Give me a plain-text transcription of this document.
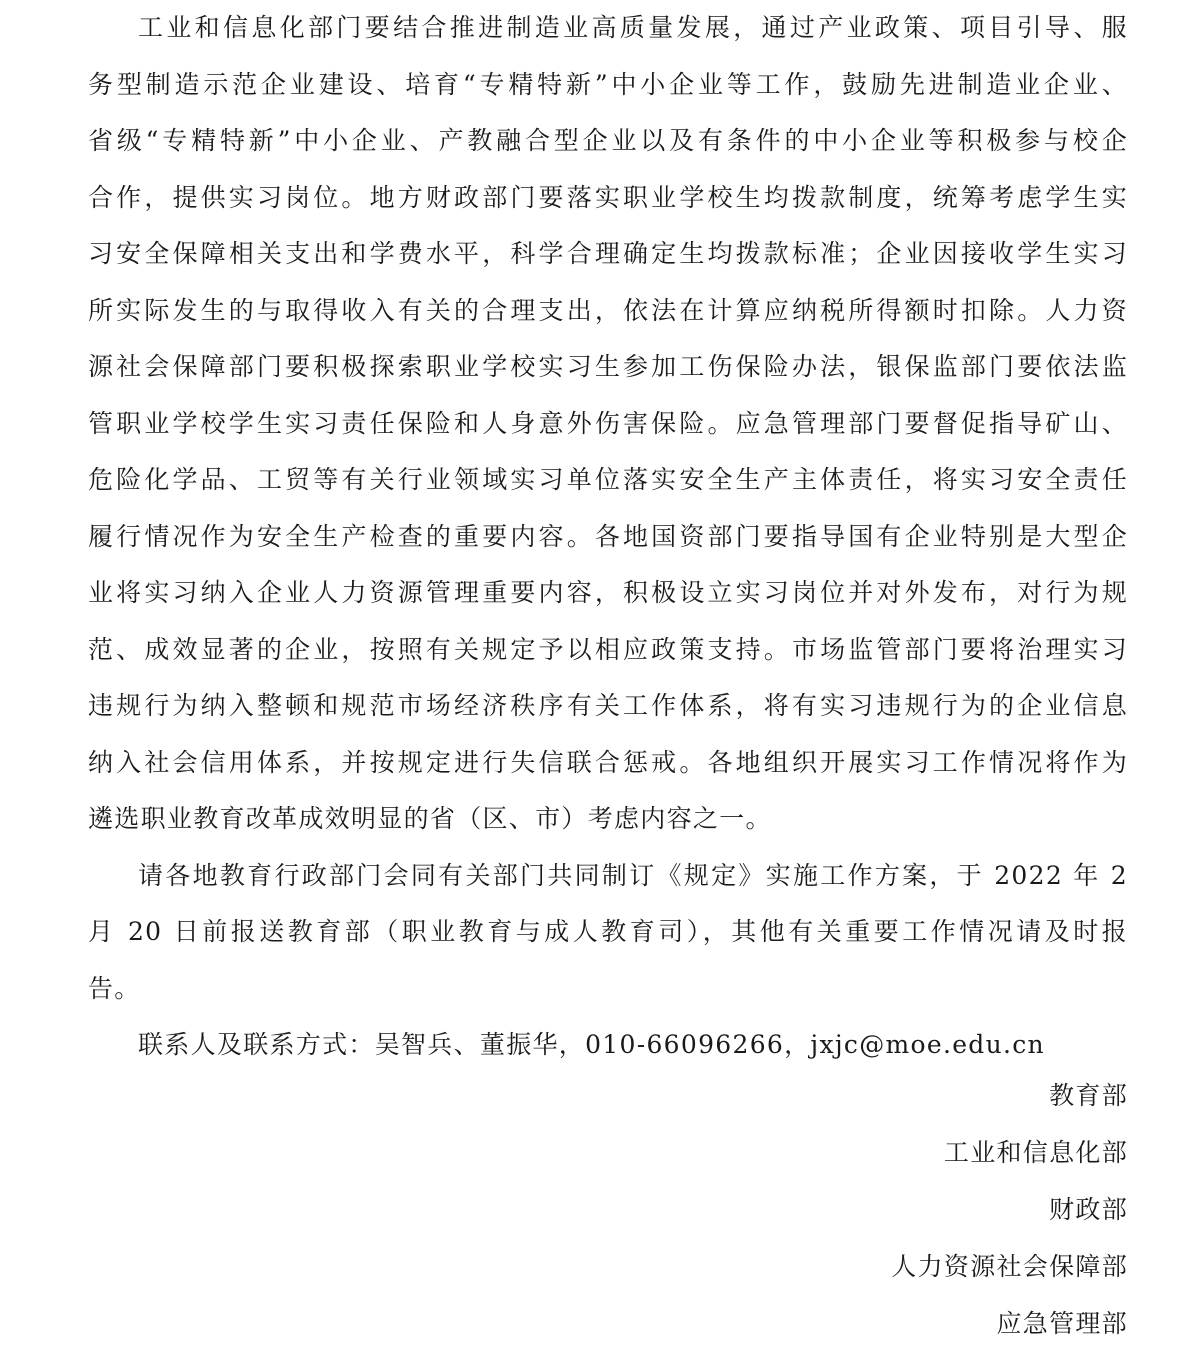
工业和信息化部门要结合推进制造业高质量发展，通过产业政策、项目引导、服
务型制造示范企业建设、培育“专精特新”中小企业等工作，鼓励先进制造业企业、
省级“专精特新”中小企业、产教融合型企业以及有条件的中小企业等积极参与校企
合作，提供实习岗位。地方财政部门要落实职业学校生均拨款制度，统筹考虑学生实
习安全保障相关支出和学费水平，科学合理确定生均拨款标准；企业因接收学生实习
所实际发生的与取得收入有关的合理支出，依法在计算应纳税所得额时扣除。人力资
源社会保障部门要积极探索职业学校实习生参加工伤保险办法，银保监部门要依法监
管职业学校学生实习责任保险和人身意外伤害保险。应急管理部门要督促指导矿山、
危险化学品、工贸等有关行业领域实习单位落实安全生产主体责任，将实习安全责任
履行情况作为安全生产检查的重要内容。各地国资部门要指导国有企业特别是大型企
业将实习纳入企业人力资源管理重要内容，积极设立实习岗位并对外发布，对行为规
范、成效显著的企业，按照有关规定予以相应政策支持。市场监管部门要将治理实习
违规行为纳入整顿和规范市场经济秩序有关工作体系，将有实习违规行为的企业信息
纳入社会信用体系，并按规定进行失信联合惩戒。各地组织开展实习工作情况将作为
遴选职业教育改革成效明显的省（区、市）考虑内容之一。
请各地教育行政部门会同有关部门共同制订《规定》实施工作方案，于 2022 年 2
月 20 日前报送教育部（职业教育与成人教育司），其他有关重要工作情况请及时报
告。
联系人及联系方式：吴智兵、董振华，010-66096266，jxjc@moe.edu.cn
教育部
工业和信息化部
财政部
人力资源社会保障部
应急管理部
